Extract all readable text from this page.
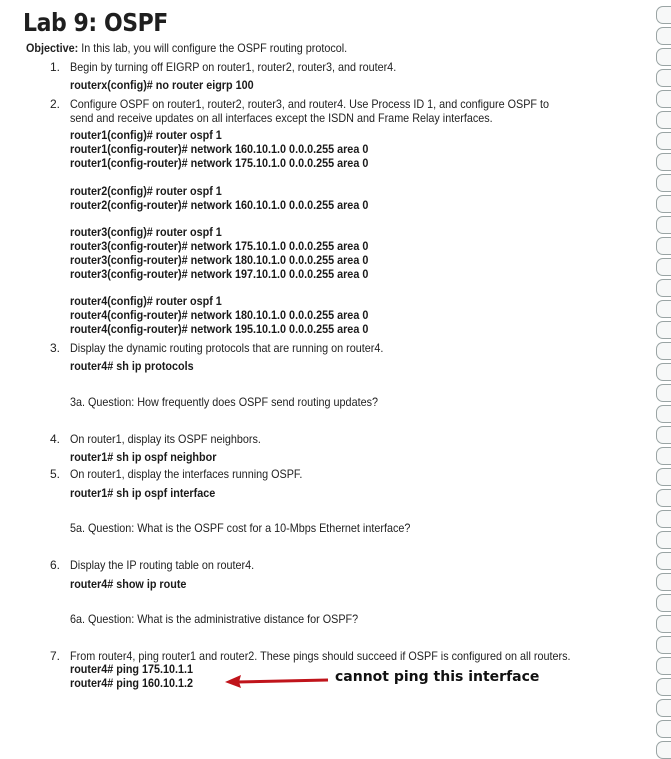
Lab 9: OSPF
Objective: In this lab, you will configure the OSPF routing protocol.
1. Begin by turning off EIGRP on router1, router2, router3, and router4.
routerx(config)# no router eigrp 100
2. Configure OSPF on router1, router2, router3, and router4. Use Process ID 1, and configure OSPF to send and receive updates on all interfaces except the ISDN and Frame Relay interfaces.
router1(config)# router ospf 1
router1(config-router)# network 160.10.1.0 0.0.0.255 area 0
router1(config-router)# network 175.10.1.0 0.0.0.255 area 0
router2(config)# router ospf 1
router2(config-router)# network 160.10.1.0 0.0.0.255 area 0
router3(config)# router ospf 1
router3(config-router)# network 175.10.1.0 0.0.0.255 area 0
router3(config-router)# network 180.10.1.0 0.0.0.255 area 0
router3(config-router)# network 197.10.1.0 0.0.0.255 area 0
router4(config)# router ospf 1
router4(config-router)# network 180.10.1.0 0.0.0.255 area 0
router4(config-router)# network 195.10.1.0 0.0.0.255 area 0
3. Display the dynamic routing protocols that are running on router4.
router4# sh ip protocols
3a. Question: How frequently does OSPF send routing updates?
4. On router1, display its OSPF neighbors.
router1# sh ip ospf neighbor
5. On router1, display the interfaces running OSPF.
router1# sh ip ospf interface
5a. Question: What is the OSPF cost for a 10-Mbps Ethernet interface?
6. Display the IP routing table on router4.
router4# show ip route
6a. Question: What is the administrative distance for OSPF?
7. From router4, ping router1 and router2. These pings should succeed if OSPF is configured on all routers.
router4# ping 175.10.1.1
router4# ping 160.10.1.2	cannot ping this interface
